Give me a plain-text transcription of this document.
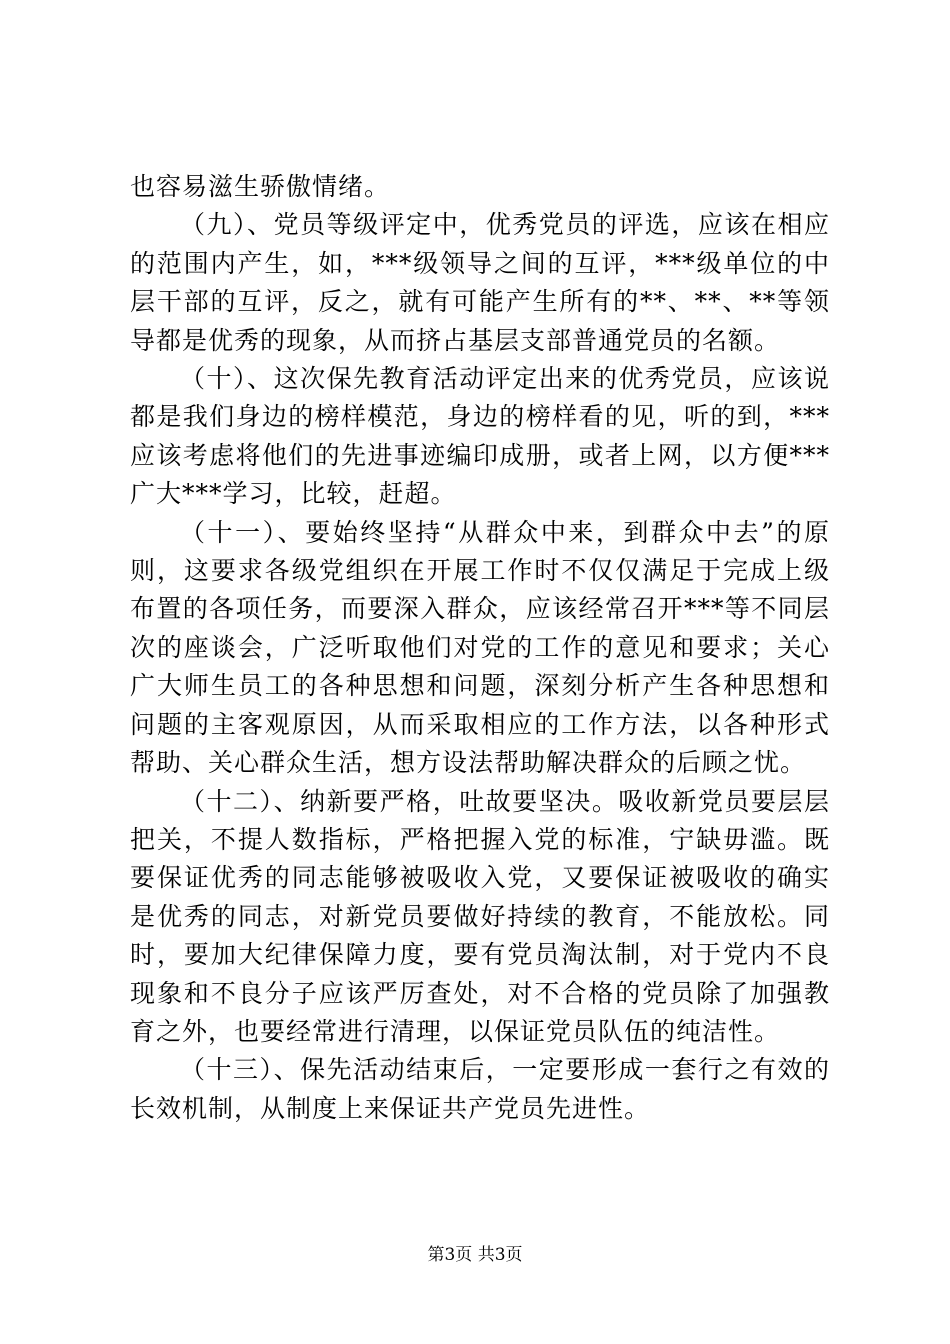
也容易滋生骄傲情绪。

（九）、党员等级评定中，优秀党员的评选，应该在相应的范围内产生，如，***级领导之间的互评，***级单位的中层干部的互评，反之，就有可能产生所有的**、**、**等领导都是优秀的现象，从而挤占基层支部普通党员的名额。

（十）、这次保先教育活动评定出来的优秀党员，应该说都是我们身边的榜样模范，身边的榜样看的见，听的到，***应该考虑将他们的先进事迹编印成册，或者上网，以方便***广大***学习，比较，赶超。

（十一）、要始终坚持“从群众中来，到群众中去”的原则，这要求各级党组织在开展工作时不仅仅满足于完成上级布置的各项任务，而要深入群众，应该经常召开***等不同层次的座谈会，广泛听取他们对党的工作的意见和要求；关心广大师生员工的各种思想和问题，深刻分析产生各种思想和问题的主客观原因，从而采取相应的工作方法，以各种形式帮助、关心群众生活，想方设法帮助解决群众的后顾之忧。

（十二）、纳新要严格，吐故要坚决。吸收新党员要层层把关，不提人数指标，严格把握入党的标准，宁缺毋滥。既要保证优秀的同志能够被吸收入党，又要保证被吸收的确实是优秀的同志，对新党员要做好持续的教育，不能放松。同时，要加大纪律保障力度，要有党员淘汰制，对于党内不良现象和不良分子应该严厉查处，对不合格的党员除了加强教育之外，也要经常进行清理，以保证党员队伍的纯洁性。

（十三）、保先活动结束后，一定要形成一套行之有效的长效机制，从制度上来保证共产党员先进性。

第3页 共3页
